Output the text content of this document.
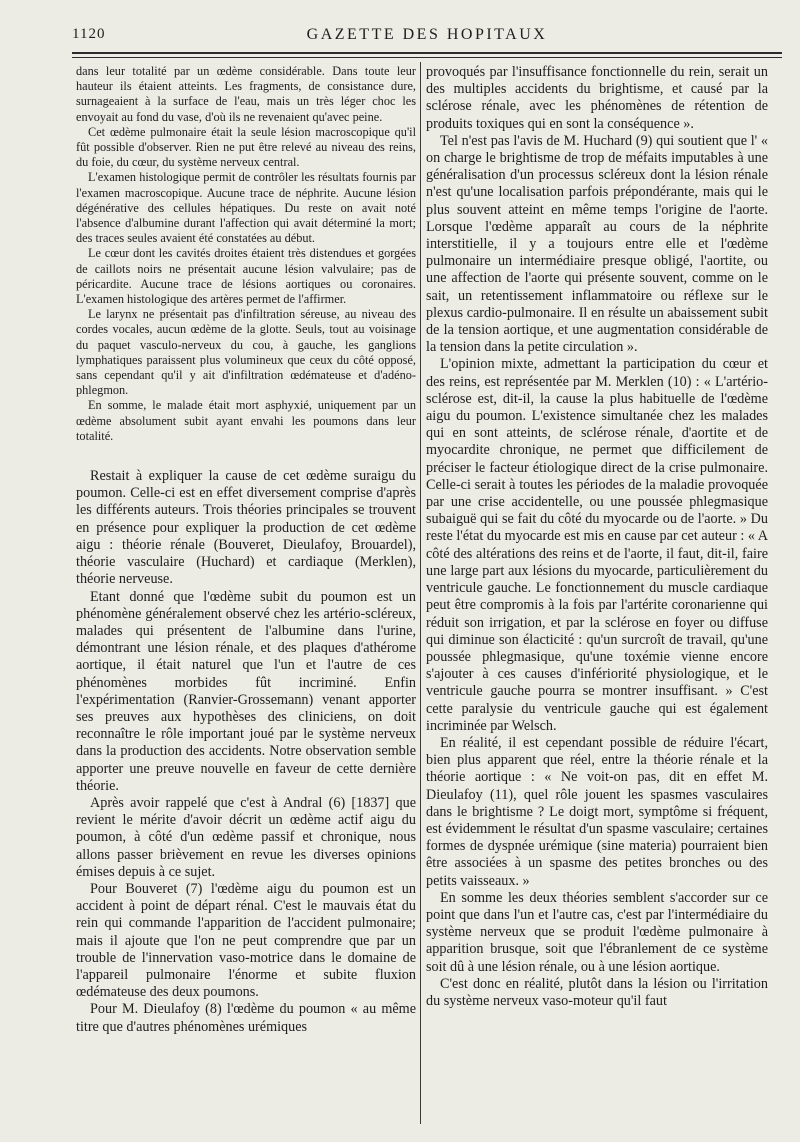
1120	GAZETTE DES HOPITAUX

dans leur totalité par un œdème considérable. Dans toute leur hauteur ils étaient atteints. Les fragments, de consistance dure, surnageaient à la surface de l'eau, mais un très léger choc les envoyait au fond du vase, d'où ils ne revenaient qu'avec peine.

Cet œdème pulmonaire était la seule lésion macroscopique qu'il fût possible d'observer. Rien ne put être relevé au niveau des reins, du foie, du cœur, du système nerveux central.

L'examen histologique permit de contrôler les résultats fournis par l'examen macroscopique. Aucune trace de néphrite. Aucune lésion dégénérative des cellules hépatiques. Du reste on avait noté l'absence d'albumine durant l'affection qui avait déterminé la mort; des traces seules avaient été constatées au début.

Le cœur dont les cavités droites étaient très distendues et gorgées de caillots noirs ne présentait aucune lésion valvulaire; pas de péricardite. Aucune trace de lésions aortiques ou coronaires. L'examen histologique des artères permet de l'affirmer.

Le larynx ne présentait pas d'infiltration séreuse, au niveau des cordes vocales, aucun œdème de la glotte. Seuls, tout au voisinage du paquet vasculo-nerveux du cou, à gauche, les ganglions lymphatiques paraissent plus volumineux que ceux du côté opposé, sans cependant qu'il y ait d'infiltration œdémateuse et d'adéno-phlegmon.

En somme, le malade était mort asphyxié, uniquement par un œdème absolument subit ayant envahi les poumons dans leur totalité.

Restait à expliquer la cause de cet œdème suraigu du poumon. Celle-ci est en effet diversement comprise d'après les différents auteurs. Trois théories principales se trouvent en présence pour expliquer la production de cet œdème aigu : théorie rénale (Bouveret, Dieulafoy, Brouardel), théorie vasculaire (Huchard) et cardiaque (Merklen), théorie nerveuse.

Etant donné que l'œdème subit du poumon est un phénomène généralement observé chez les artério-scléreux, malades qui présentent de l'albumine dans l'urine, démontrant une lésion rénale, et des plaques d'athérome aortique, il était naturel que l'un et l'autre de ces phénomènes morbides fût incriminé. Enfin l'expérimentation (Ranvier-Grossemann) venant apporter ses preuves aux hypothèses des cliniciens, on doit reconnaître le rôle important joué par le système nerveux dans la production des accidents. Notre observation semble apporter une preuve nouvelle en faveur de cette dernière théorie.

Après avoir rappelé que c'est à Andral (6) [1837] que revient le mérite d'avoir décrit un œdème actif aigu du poumon, à côté d'un œdème passif et chronique, nous allons passer brièvement en revue les diverses opinions émises depuis à ce sujet.

Pour Bouveret (7) l'œdème aigu du poumon est un accident à point de départ rénal. C'est le mauvais état du rein qui commande l'apparition de l'accident pulmonaire; mais il ajoute que l'on ne peut comprendre que par un trouble de l'innervation vaso-motrice dans le domaine de l'appareil pulmonaire l'énorme et subite fluxion œdémateuse des deux poumons.

Pour M. Dieulafoy (8) l'œdème du poumon « au même titre que d'autres phénomènes urémiques

provoqués par l'insuffisance fonctionnelle du rein, serait un des multiples accidents du brightisme, et causé par la sclérose rénale, avec les phénomènes de rétention de produits toxiques qui en sont la conséquence ».

Tel n'est pas l'avis de M. Huchard (9) qui soutient que l' « on charge le brightisme de trop de méfaits imputables à une généralisation d'un processus scléreux dont la lésion rénale n'est qu'une localisation parfois prépondérante, mais qui le plus souvent atteint en même temps l'origine de l'aorte. Lorsque l'œdème apparaît au cours de la néphrite interstitielle, il y a toujours entre elle et l'œdème pulmonaire un intermédiaire presque obligé, l'aortite, ou une affection de l'aorte qui présente souvent, comme on le sait, un retentissement inflammatoire ou réflexe sur le plexus cardio-pulmonaire. Il en résulte un abaissement subit de la tension aortique, et une augmentation considérable de la tension dans la petite circulation ».

L'opinion mixte, admettant la participation du cœur et des reins, est représentée par M. Merklen (10) : « L'artério-sclérose est, dit-il, la cause la plus habituelle de l'œdème aigu du poumon. L'existence simultanée chez les malades qui en sont atteints, de sclérose rénale, d'aortite et de myocardite chronique, ne permet que difficilement de préciser le facteur étiologique direct de la crise pulmonaire. Celle-ci serait à toutes les périodes de la maladie provoquée par une crise accidentelle, ou une poussée phlegmasique subaiguë qui se fait du côté du myocarde ou de l'aorte. » Du reste l'état du myocarde est mis en cause par cet auteur : « A côté des altérations des reins et de l'aorte, il faut, dit-il, faire une large part aux lésions du myocarde, particulièrement du ventricule gauche. Le fonctionnement du muscle cardiaque peut être compromis à la fois par l'artérite coronarienne qui réduit son irrigation, et par la sclérose en foyer ou diffuse qui diminue son élacticité : qu'un surcroît de travail, qu'une poussée phlegmasique, qu'une toxémie vienne encore s'ajouter à ces causes d'infériorité physiologique, et le ventricule gauche pourra se montrer insuffisant. » C'est cette paralysie du ventricule gauche qui est également incriminée par Welsch.

En réalité, il est cependant possible de réduire l'écart, bien plus apparent que réel, entre la théorie rénale et la théorie aortique : « Ne voit-on pas, dit en effet M. Dieulafoy (11), quel rôle jouent les spasmes vasculaires dans le brightisme ? Le doigt mort, symptôme si fréquent, est évidemment le résultat d'un spasme vasculaire; certaines formes de dyspnée urémique (sine materia) pourraient bien être associées à un spasme des petites bronches ou des petits vaisseaux. »

En somme les deux théories semblent s'accorder sur ce point que dans l'un et l'autre cas, c'est par l'intermédiaire du système nerveux que se produit l'œdème pulmonaire à apparition brusque, soit que l'ébranlement de ce système soit dû à une lésion rénale, ou à une lésion aortique.

C'est donc en réalité, plutôt dans la lésion ou l'irritation du système nerveux vaso-moteur qu'il faut
